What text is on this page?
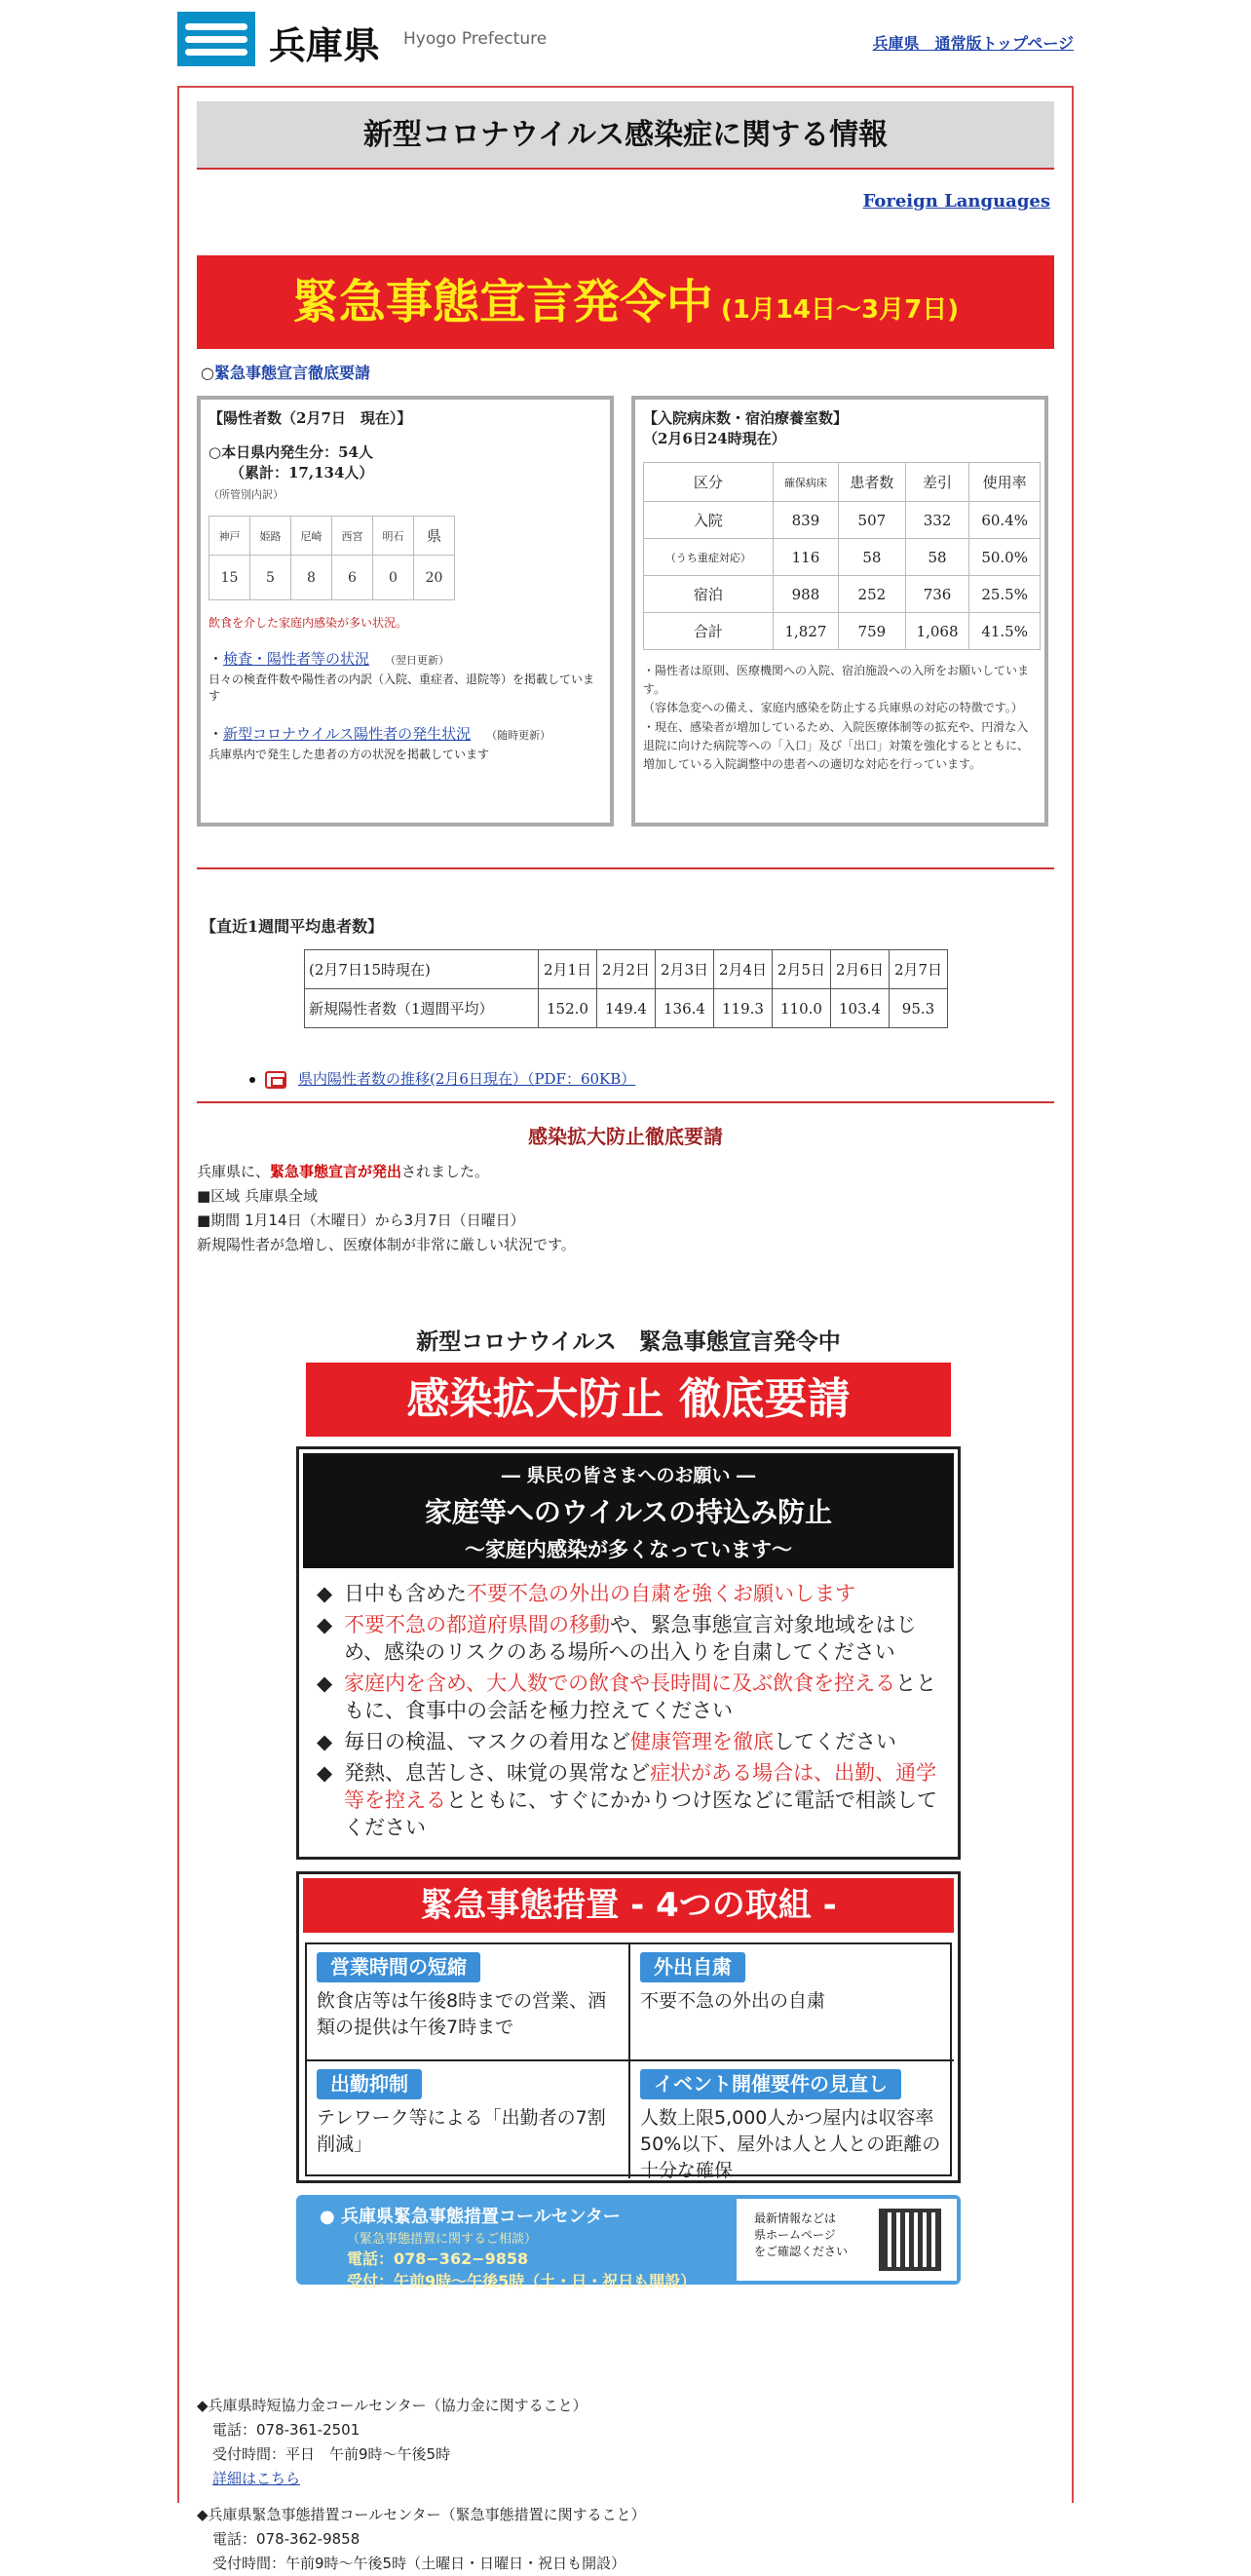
兵庫県 Hyogo Prefecture	兵庫県　通常版トップページ
新型コロナウイルス感染症に関する情報
Foreign Languages
緊急事態宣言発令中 (1月14日～3月7日)
○緊急事態宣言徹底要請
【陽性者数（2月7日　現在）】
○本日県内発生分：54人
（累計：17,134人）
（所管別内訳）
神戸	姫路	尼崎	西宮	明石	県
15	5	8	6	0	20
飲食を介した家庭内感染が多い状況。
・検査・陽性者等の状況 （翌日更新）
日々の検査件数や陽性者の内訳（入院、重症者、退院等）を掲載しています
・新型コロナウイルス陽性者の発生状況 （随時更新）
兵庫県内で発生した患者の方の状況を掲載しています
【入院病床数・宿泊療養室数】
（2月6日24時現在）
区分	確保病床	患者数	差引	使用率
入院	839	507	332	60.4%
（うち重症対応）	116	58	58	50.0%
宿泊	988	252	736	25.5%
合計	1,827	759	1,068	41.5%
・陽性者は原則、医療機関への入院、宿泊施設への入所をお願いしています。
（容体急変への備え、家庭内感染を防止する兵庫県の対応の特徴です。）
・現在、感染者が増加しているため、入院医療体制等の拡充や、円滑な入退院に向けた病院等への「入口」及び「出口」対策を強化するとともに、増加している入院調整中の患者への適切な対応を行っています。
【直近1週間平均患者数】
(2月7日15時現在)	2月1日	2月2日	2月3日	2月4日	2月5日	2月6日	2月7日
新規陽性者数（1週間平均）	152.0	149.4	136.4	119.3	110.0	103.4	95.3
県内陽性者数の推移(2月6日現在）（PDF：60KB）
感染拡大防止徹底要請
兵庫県に、緊急事態宣言が発出されました。
■区域 兵庫県全域
■期間 1月14日（木曜日）から3月7日（日曜日）
新規陽性者が急増し、医療体制が非常に厳しい状況です。
新型コロナウイルス　緊急事態宣言発令中
感染拡大防止 徹底要請
― 県民の皆さまへのお願い ―
家庭等へのウイルスの持込み防止
～家庭内感染が多くなっています～
◆ 日中も含めた不要不急の外出の自粛を強くお願いします
◆ 不要不急の都道府県間の移動や、緊急事態宣言対象地域をはじめ、感染のリスクのある場所への出入りを自粛してください
◆ 家庭内を含め、大人数での飲食や長時間に及ぶ飲食を控えるとともに、食事中の会話を極力控えてください
◆ 毎日の検温、マスクの着用など健康管理を徹底してください
◆ 発熱、息苦しさ、味覚の異常など症状がある場合は、出勤、通学等を控えるとともに、すぐにかかりつけ医などに電話で相談してください
緊急事態措置 - 4つの取組 -
営業時間の短縮
飲食店等は午後8時までの営業、酒類の提供は午後7時まで
外出自粛
不要不急の外出の自粛
出勤抑制
テレワーク等による「出勤者の7割削減」
イベント開催要件の見直し
人数上限5,000人かつ屋内は収容率50%以下、屋外は人と人との距離の十分な確保
● 兵庫県緊急事態措置コールセンター
（緊急事態措置に関するご相談）
電話：078−362−9858
受付：午前9時～午後5時（土・日・祝日も開設）
最新情報などは
県ホームページ
をご確認ください
◆兵庫県時短協力金コールセンター（協力金に関すること）
電話：078-361-2501
受付時間：平日　午前9時～午後5時
詳細はこちら
◆兵庫県緊急事態措置コールセンター（緊急事態措置に関すること）
電話：078-362-9858
受付時間：午前9時～午後5時（土曜日・日曜日・祝日も開設）
